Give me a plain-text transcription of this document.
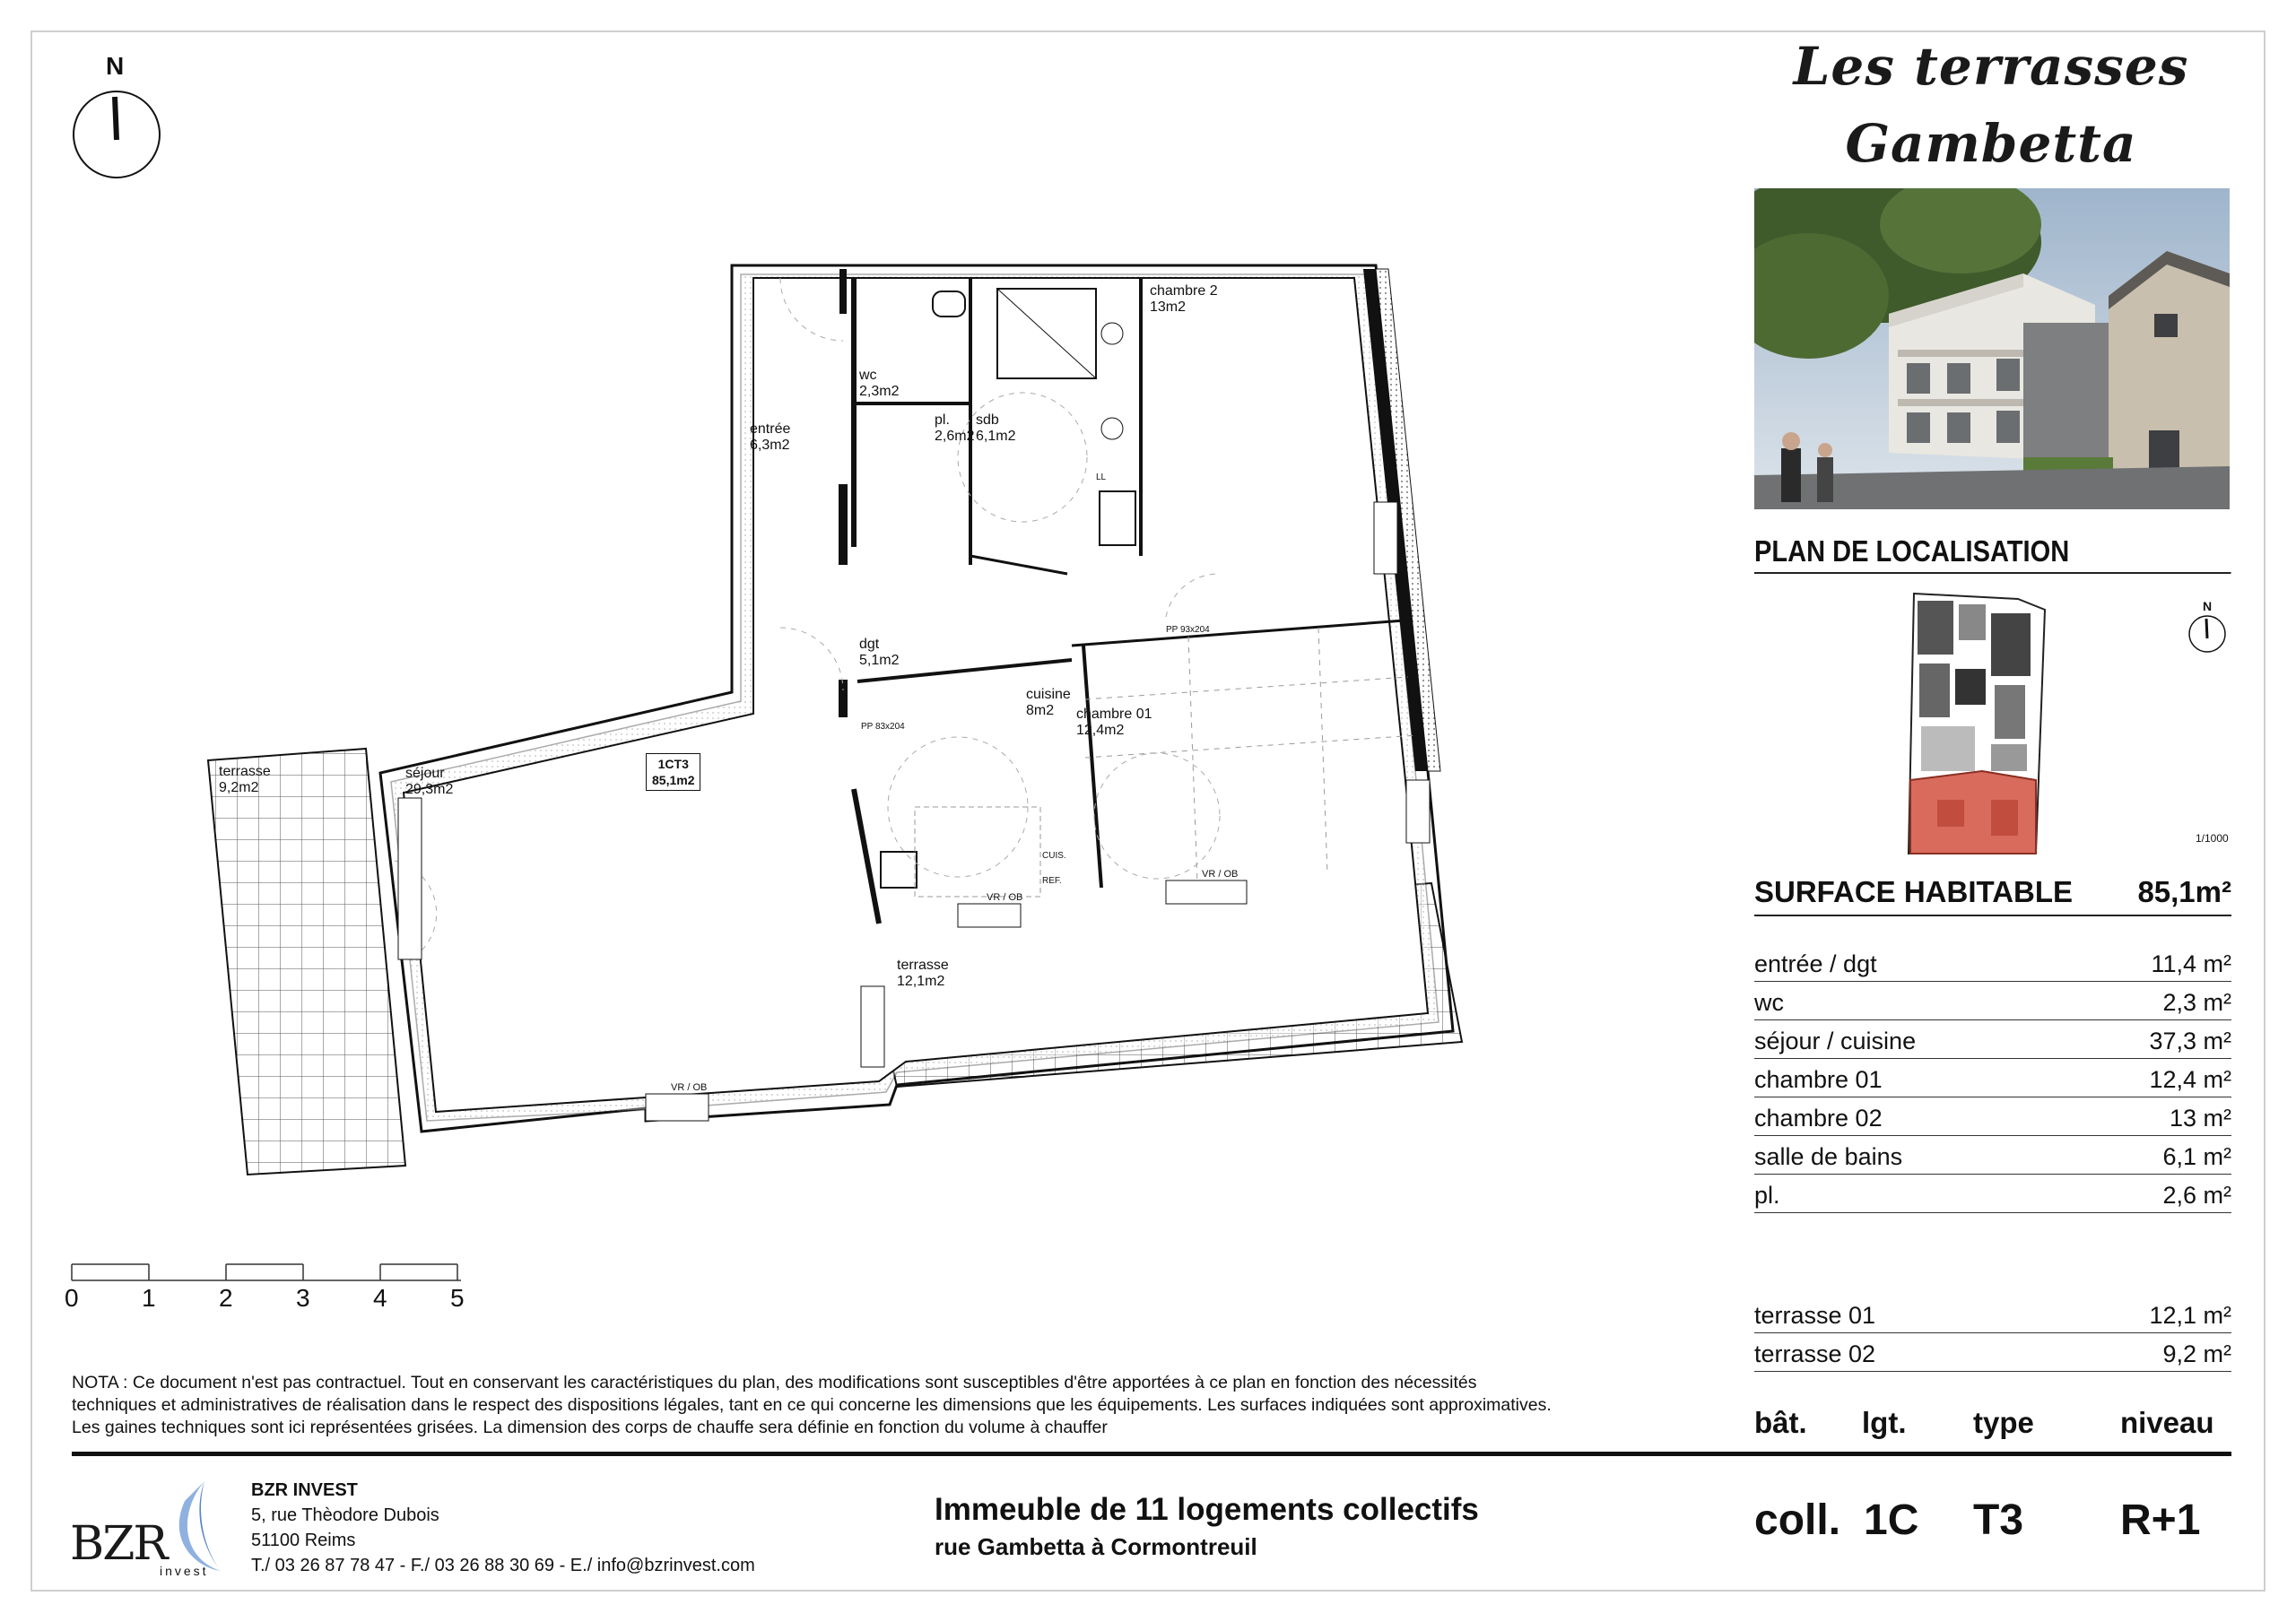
N	Les terrasses
Gambetta
PLAN DE LOCALISATION
N
1/1000
SURFACE HABITABLE 85,1m²
entrée / dgt	11,4 m²
wc	2,3 m²
séjour / cuisine	37,3 m²
chambre 01	12,4 m²
chambre 02	13 m²
salle de bains	6,1 m²
pl.	2,6 m²
terrasse 01	12,1 m²
terrasse 02	9,2 m²
bât. lgt. type	niveau
coll. 1C T3 R+1
0	1	2	3	4	5
NOTA : Ce document n'est pas contractuel. Tout en conservant les caractéristiques du plan, des modifications sont susceptibles d'être apportées à ce plan en fonction des nécessités techniques et administratives de réalisation dans le respect des dispositions légales, tant en ce qui concerne les dimensions que les équipements. Les surfaces indiquées sont approximatives. Les gaines techniques sont ici représentées grisées. La dimension des corps de chauffe sera définie en fonction du volume à chauffer
BZR
invest
BZR INVEST
5, rue Thèodore Dubois
51100 Reims
T./ 03 26 87 78 47 - F./ 03 26 88 30 69 - E./ info@bzrinvest.com
Immeuble de 11 logements collectifs
rue Gambetta à Cormontreuil
chambre 2
13m2
wc
2,3m2
entrée
6,3m2
pl.
2,6m2
sdb
6,1m2
dgt
5,1m2
cuisine
8m2	chambre 01
12,4m2
terrasse
9,2m2
séjour
29,3m2
terrasse
12,1m2
1CT3
85,1m2
VR / OB
VR / OB
VR / OB
PP 93x204
PP 83x204
CUIS.
REF.
LL
